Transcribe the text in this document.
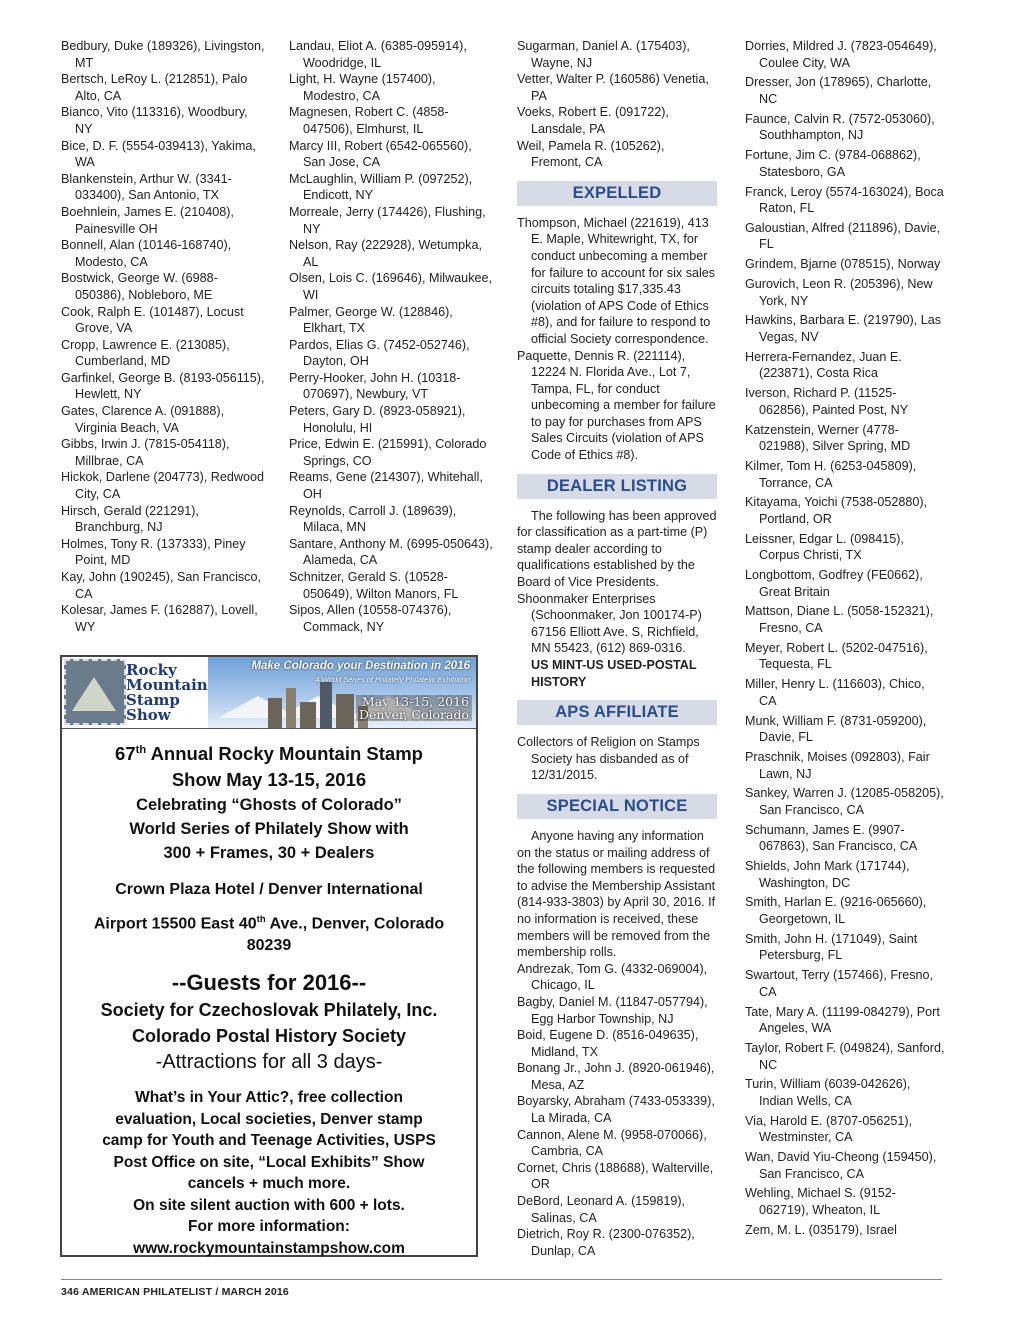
Bedbury, Duke (189326), Livingston, MT

Bertsch, LeRoy L. (212851), Palo Alto, CA

Bianco, Vito (113316), Woodbury, NY

Bice, D. F. (5554-039413), Yakima, WA

Blankenstein, Arthur W. (3341-033400), San Antonio, TX

Boehnlein, James E. (210408), Painesville OH

Bonnell, Alan (10146-168740), Modesto, CA

Bostwick, George W. (6988-050386), Nobleboro, ME

Cook, Ralph E. (101487), Locust Grove, VA

Cropp, Lawrence E. (213085), Cumberland, MD

Garfinkel, George B. (8193-056115), Hewlett, NY

Gates, Clarence A. (091888), Virginia Beach, VA

Gibbs, Irwin J. (7815-054118), Millbrae, CA

Hickok, Darlene (204773), Redwood City, CA

Hirsch, Gerald (221291), Branchburg, NJ

Holmes, Tony R. (137333), Piney Point, MD

Kay, John (190245), San Francisco, CA

Kolesar, James F. (162887), Lovell, WY

Landau, Eliot A. (6385-095914), Woodridge, IL

Light, H. Wayne (157400), Modestro, CA

Magnesen, Robert C. (4858-047506), Elmhurst, IL

Marcy III, Robert (6542-065560), San Jose, CA

McLaughlin, William P. (097252), Endicott, NY

Morreale, Jerry (174426), Flushing, NY

Nelson, Ray (222928), Wetumpka, AL

Olsen, Lois C. (169646), Milwaukee, WI

Palmer, George W. (128846), Elkhart, TX

Pardos, Elias G. (7452-052746), Dayton, OH

Perry-Hooker, John H. (10318-070697), Newbury, VT

Peters, Gary D. (8923-058921), Honolulu, HI

Price, Edwin E. (215991), Colorado Springs, CO

Reams, Gene (214307), Whitehall, OH

Reynolds, Carroll J. (189639), Milaca, MN

Santare, Anthony M. (6995-050643), Alameda, CA

Schnitzer, Gerald S. (10528-050649), Wilton Manors, FL

Sipos, Allen (10558-074376), Commack, NY

Sugarman, Daniel A. (175403), Wayne, NJ

Vetter, Walter P. (160586) Venetia, PA

Voeks, Robert E. (091722), Lansdale, PA

Weil, Pamela R. (105262), Fremont, CA

EXPELLED

Thompson, Michael (221619), 413 E. Maple, Whitewright, TX, for conduct unbecoming a member for failure to account for six sales circuits totaling $17,335.43 (violation of APS Code of Ethics #8), and for failure to respond to official Society correspondence.

Paquette, Dennis R. (221114), 12224 N. Florida Ave., Lot 7, Tampa, FL, for conduct unbecoming a member for failure to pay for purchases from APS Sales Circuits (violation of APS Code of Ethics #8).

DEALER LISTING

The following has been approved for classification as a part-time (P) stamp dealer according to qualifications established by the Board of Vice Presidents.

Shoonmaker Enterprises (Schoonmaker, Jon 100174-P) 67156 Elliott Ave. S, Richfield, MN 55423, (612) 869-0316.

US MINT-US USED-POSTAL HISTORY

APS AFFILIATE

Collectors of Religion on Stamps Society has disbanded as of 12/31/2015.

SPECIAL NOTICE

Anyone having any information on the status or mailing address of the following members is requested to advise the Membership Assistant (814-933-3803) by April 30, 2016. If no information is received, these members will be removed from the membership rolls.

Andrezak, Tom G. (4332-069004), Chicago, IL

Bagby, Daniel M. (11847-057794), Egg Harbor Township, NJ

Boid, Eugene D. (8516-049635), Midland, TX

Bonang Jr., John J. (8920-061946), Mesa, AZ

Boyarsky, Abraham (7433-053339), La Mirada, CA

Cannon, Alene M. (9958-070066), Cambria, CA

Cornet, Chris (188688), Walterville, OR

DeBord, Leonard A. (159819), Salinas, CA

Dietrich, Roy R. (2300-076352), Dunlap, CA

Dorries, Mildred J. (7823-054649), Coulee City, WA

Dresser, Jon (178965), Charlotte, NC

Faunce, Calvin R. (7572-053060), Southhampton, NJ

Fortune, Jim C. (9784-068862), Statesboro, GA

Franck, Leroy (5574-163024), Boca Raton, FL

Galoustian, Alfred (211896), Davie, FL

Grindem, Bjarne (078515), Norway

Gurovich, Leon R. (205396), New York, NY

Hawkins, Barbara E. (219790), Las Vegas, NV

Herrera-Fernandez, Juan E. (223871), Costa Rica

Iverson, Richard P. (11525-062856), Painted Post, NY

Katzenstein, Werner (4778-021988), Silver Spring, MD

Kilmer, Tom H. (6253-045809), Torrance, CA

Kitayama, Yoichi (7538-052880), Portland, OR

Leissner, Edgar L. (098415), Corpus Christi, TX

Longbottom, Godfrey (FE0662), Great Britain

Mattson, Diane L. (5058-152321), Fresno, CA

Meyer, Robert L. (5202-047516), Tequesta, FL

Miller, Henry L. (116603), Chico, CA

Munk, William F. (8731-059200), Davie, FL

Praschnik, Moises (092803), Fair Lawn, NJ

Sankey, Warren J. (12085-058205), San Francisco, CA

Schumann, James E. (9907-067863), San Francisco, CA

Shields, John Mark (171744), Washington, DC

Smith, Harlan E. (9216-065660), Georgetown, IL

Smith, John H. (171049), Saint Petersburg, FL

Swartout, Terry (157466), Fresno, CA

Tate, Mary A. (11199-084279), Port Angeles, WA

Taylor, Robert F. (049824), Sanford, NC

Turin, William (6039-042626), Indian Wells, CA

Via, Harold E. (8707-056251), Westminster, CA

Wan, David Yiu-Cheong (159450), San Francisco, CA

Wehling, Michael S. (9152-062719), Wheaton, IL

Zem, M. L. (035179), Israel

Rocky
Mountain
Stamp
Show
Make Colorado your Destination in 2016
A World Series of Philately Philatelic Exhibition
May 13-15, 2016
Denver, Colorado
67th Annual Rocky Mountain Stamp
Show May 13-15, 2016
Celebrating “Ghosts of Colorado”
World Series of Philately Show with
300 + Frames, 30 + Dealers
Crown Plaza Hotel / Denver International
Airport 15500 East 40th Ave., Denver, Colorado
80239
--Guests for 2016--
Society for Czechoslovak Philately, Inc.
Colorado Postal History Society
-Attractions for all 3 days-
What’s in Your Attic?, free collection
evaluation, Local societies, Denver stamp
camp for Youth and Teenage Activities, USPS
Post Office on site, “Local Exhibits” Show
cancels + much more.
On site silent auction with 600 + lots.
For more information:
www.rockymountainstampshow.com
346 AMERICAN PHILATELIST / MARCH 2016
